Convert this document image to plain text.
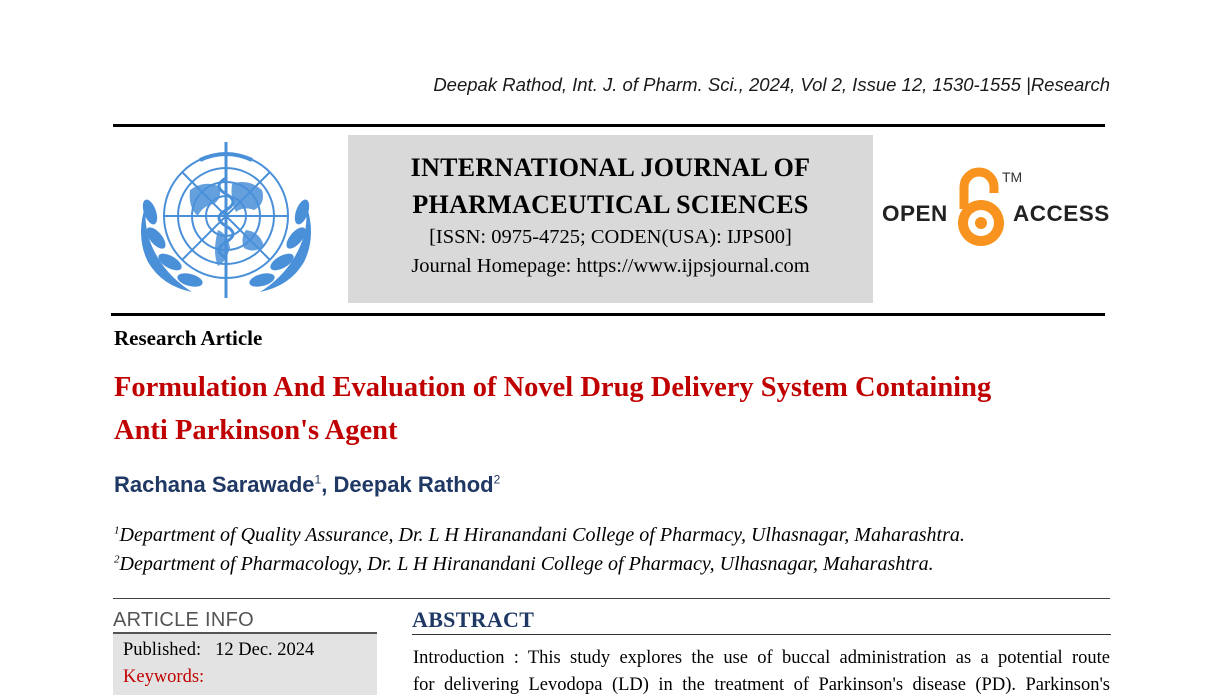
Deepak Rathod, Int. J. of Pharm. Sci., 2024, Vol 2, Issue 12, 1530-1555 |Research
INTERNATIONAL JOURNAL OF
PHARMACEUTICAL SCIENCES
[ISSN: 0975-4725; CODEN(USA): IJPS00]
Journal Homepage: https://www.ijpsjournal.com
OPEN
TM
ACCESS
Research Article
Formulation And Evaluation of Novel Drug Delivery System Containing
Anti Parkinson's Agent
Rachana Sarawade$^1$, Deepak Rathod$^2$
$^1$Department of Quality Assurance, Dr. L H Hiranandani College of Pharmacy, Ulhasnagar, Maharashtra.
$^2$Department of Pharmacology, Dr. L H Hiranandani College of Pharmacy, Ulhasnagar, Maharashtra.
ARTICLE INFO
Published: 12 Dec. 2024
Keywords:
ABSTRACT
Introduction : This study explores the use of buccal administration as a potential route
for delivering Levodopa (LD) in the treatment of Parkinson's disease (PD). Parkinson's
